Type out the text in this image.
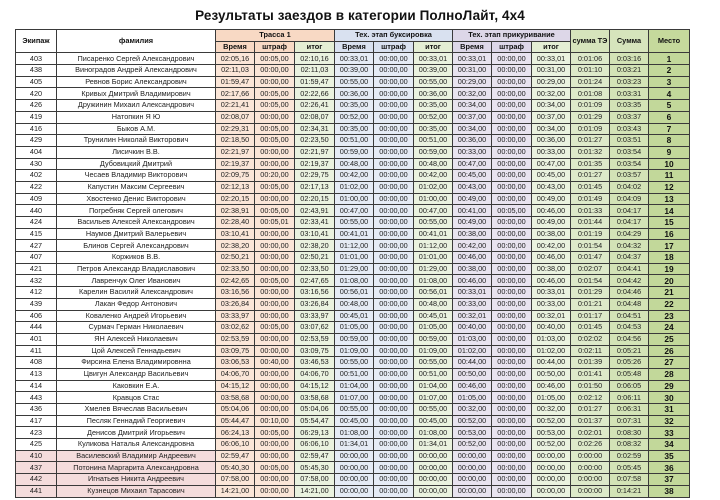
Результаты заездов в категории ПолноЛайт, 4х4
Экипаж	фамилия	Трасса 1			Тех. этап буксировка			Тех. этап прикуривание			сумма ТЭ	Сумма	Место
		Время	штраф	итог	Время	штраф	итог	Время	штраф	итог			
403	Писаренко Сергей Александрович	02:05,16	00:05,00	02:10,16	00:33,01	00:00,00	00:33,01	00:33,01	00:00,00	00:33,01	0:01:06	0:03:16	1
438	Виноградов Андрей Александрович	02:11,03	00:00,00	02:11,03	00:39,00	00:00,00	00:39,00	00:31,00	00:00,00	00:31,00	0:01:10	0:03:21	2
405	Ревнов Борис Александрович	01:59,47	00:00,00	01:59,47	00:55,00	00:00,00	00:55,00	00:29,00	00:00,00	00:29,00	0:01:24	0:03:23	3
420	Кривых Дмитрий Владимирович	02:17,66	00:05,00	02:22,66	00:36,00	00:00,00	00:36,00	00:32,00	00:00,00	00:32,00	0:01:08	0:03:31	4
426	Дружинин Михаил Александрович	02:21,41	00:05,00	02:26,41	00:35,00	00:00,00	00:35,00	00:34,00	00:00,00	00:34,00	0:01:09	0:03:35	5
419	Натопкин Я Ю	02:08,07	00:00,00	02:08,07	00:52,00	00:00,00	00:52,00	00:37,00	00:00,00	00:37,00	0:01:29	0:03:37	6
416	Быков А.М.	02:29,31	00:05,00	02:34,31	00:35,00	00:00,00	00:35,00	00:34,00	00:00,00	00:34,00	0:01:09	0:03:43	7
429	Трунилин Николай Викторович	02:18,50	00:05,00	02:23,50	00:51,00	00:00,00	00:51,00	00:36,00	00:00,00	00:36,00	0:01:27	0:03:51	8
404	Лисичкин В.В.	02:21,97	00:00,00	02:21,97	00:59,00	00:00,00	00:59,00	00:33,00	00:00,00	00:33,00	0:01:32	0:03:54	9
430	Дубовицкий Дмитрий	02:19,37	00:00,00	02:19,37	00:48,00	00:00,00	00:48,00	00:47,00	00:00,00	00:47,00	0:01:35	0:03:54	10
402	Чесаев Владимир Викторович	02:09,75	00:20,00	02:29,75	00:42,00	00:00,00	00:42,00	00:45,00	00:00,00	00:45,00	0:01:27	0:03:57	11
422	Капустин Максим Сергеевич	02:12,13	00:05,00	02:17,13	01:02,00	00:00,00	01:02,00	00:43,00	00:00,00	00:43,00	0:01:45	0:04:02	12
409	Хвостенко Денис Викторович	02:20,15	00:00,00	02:20,15	01:00,00	00:00,00	01:00,00	00:49,00	00:00,00	00:49,00	0:01:49	0:04:09	13
440	Погребняк Сергей олегович	02:38,91	00:05,00	02:43,91	00:47,00	00:00,00	00:47,00	00:41,00	00:05,00	00:46,00	0:01:33	0:04:17	14
424	Васильев Алексей Александрович	02:28,40	00:05,01	02:33,41	00:55,00	00:00,00	00:55,00	00:49,00	00:00,00	00:49,00	0:01:44	0:04:17	15
415	Наумов Дмитрий Валерьевич	03:10,41	00:00,00	03:10,41	00:41,01	00:00,00	00:41,01	00:38,00	00:00,00	00:38,00	0:01:19	0:04:29	16
427	Блинов Сергей Александрович	02:38,20	00:00,00	02:38,20	01:12,00	00:00,00	01:12,00	00:42,00	00:00,00	00:42,00	0:01:54	0:04:32	17
407	Коржиков В.В.	02:50,21	00:00,00	02:50,21	01:01,00	00:00,00	01:01,00	00:46,00	00:00,00	00:46,00	0:01:47	0:04:37	18
421	Петров Александр Владиславович	02:33,50	00:00,00	02:33,50	01:29,00	00:00,00	01:29,00	00:38,00	00:00,00	00:38,00	0:02:07	0:04:41	19
432	Лавренчук Олег Иванович	02:42,65	00:05,00	02:47,65	01:08,00	00:00,00	01:08,00	00:46,00	00:00,00	00:46,00	0:01:54	0:04:42	20
412	Карелин Василий Александрович	03:16,56	00:00,00	03:16,56	00:56,01	00:00,00	00:56,01	00:33,01	00:00,00	00:33,01	0:01:29	0:04:46	21
439	Лакан Федор Антонович	03:26,84	00:00,00	03:26,84	00:48,00	00:00,00	00:48,00	00:33,00	00:00,00	00:33,00	0:01:21	0:04:48	22
406	Коваленко Андрей Игорьевич	03:33,97	00:00,00	03:33,97	00:45,01	00:00,00	00:45,01	00:32,01	00:00,00	00:32,01	0:01:17	0:04:51	23
444	Сурмач Герман Николаевич	03:02,62	00:05,00	03:07,62	01:05,00	00:00,00	01:05,00	00:40,00	00:00,00	00:40,00	0:01:45	0:04:53	24
401	ЯН Алексей Николаевич	02:53,59	00:00,00	02:53,59	00:59,00	00:00,00	00:59,00	01:03,00	00:00,00	01:03,00	0:02:02	0:04:56	25
411	Цой Алексей Геннадьевич	03:09,75	00:00,00	03:09,75	01:09,00	00:00,00	01:09,00	01:02,00	00:00,00	01:02,00	0:02:11	0:05:21	26
408	Фирсина Елена Владимировнна	03:06,53	00:40,00	03:46,53	00:55,00	00:00,00	00:55,00	00:44,00	00:00,00	00:44,00	0:01:39	0:05:26	27
413	Цвигун Александр Васильевич	04:06,70	00:00,00	04:06,70	00:51,00	00:00,00	00:51,00	00:50,00	00:00,00	00:50,00	0:01:41	0:05:48	28
414	Каковкин Е.А.	04:15,12	00:00,00	04:15,12	01:04,00	00:00,00	01:04,00	00:46,00	00:00,00	00:46,00	0:01:50	0:06:05	29
443	Кравцов Стас	03:58,68	00:00,00	03:58,68	01:07,00	00:00,00	01:07,00	01:05,00	00:00,00	01:05,00	0:02:12	0:06:11	30
436	Хмелев Вячеслав Васильевич	05:04,06	00:00,00	05:04,06	00:55,00	00:00,00	00:55,00	00:32,00	00:00,00	00:32,00	0:01:27	0:06:31	31
417	Песляк Геннадий Георгиевич	05:44,47	00:10,00	05:54,47	00:45,00	00:00,00	00:45,00	00:52,00	00:00,00	00:52,00	0:01:37	0:07:31	32
423	Денисов Дмитрий Игорьевич	06:24,13	00:05,00	06:29,13	01:08,00	00:00,00	01:08,00	00:53,00	00:00,00	00:53,00	0:02:01	0:08:30	33
425	Куликова Наталья Александровна	06:06,10	00:00,00	06:06,10	01:34,01	00:00,00	01:34,01	00:52,00	00:00,00	00:52,00	0:02:26	0:08:32	34
410	Василевский Владимир Андреевич	02:59,47	00:00,00	02:59,47	00:00,00	00:00,00	00:00,00	00:00,00	00:00,00	00:00,00	0:00:00	0:02:59	35
437	Потонина Маргарита Александровна	05:40,30	00:05,00	05:45,30	00:00,00	00:00,00	00:00,00	00:00,00	00:00,00	00:00,00	0:00:00	0:05:45	36
442	Игнатьев Никита Андреевич	07:58,00	00:00,00	07:58,00	00:00,00	00:00,00	00:00,00	00:00,00	00:00,00	00:00,00	0:00:00	0:07:58	37
441	Кузнецов Михаил Тарасович	14:21,00	00:00,00	14:21,00	00:00,00	00:00,00	00:00,00	00:00,00	00:00,00	00:00,00	0:00:00	0:14:21	38
